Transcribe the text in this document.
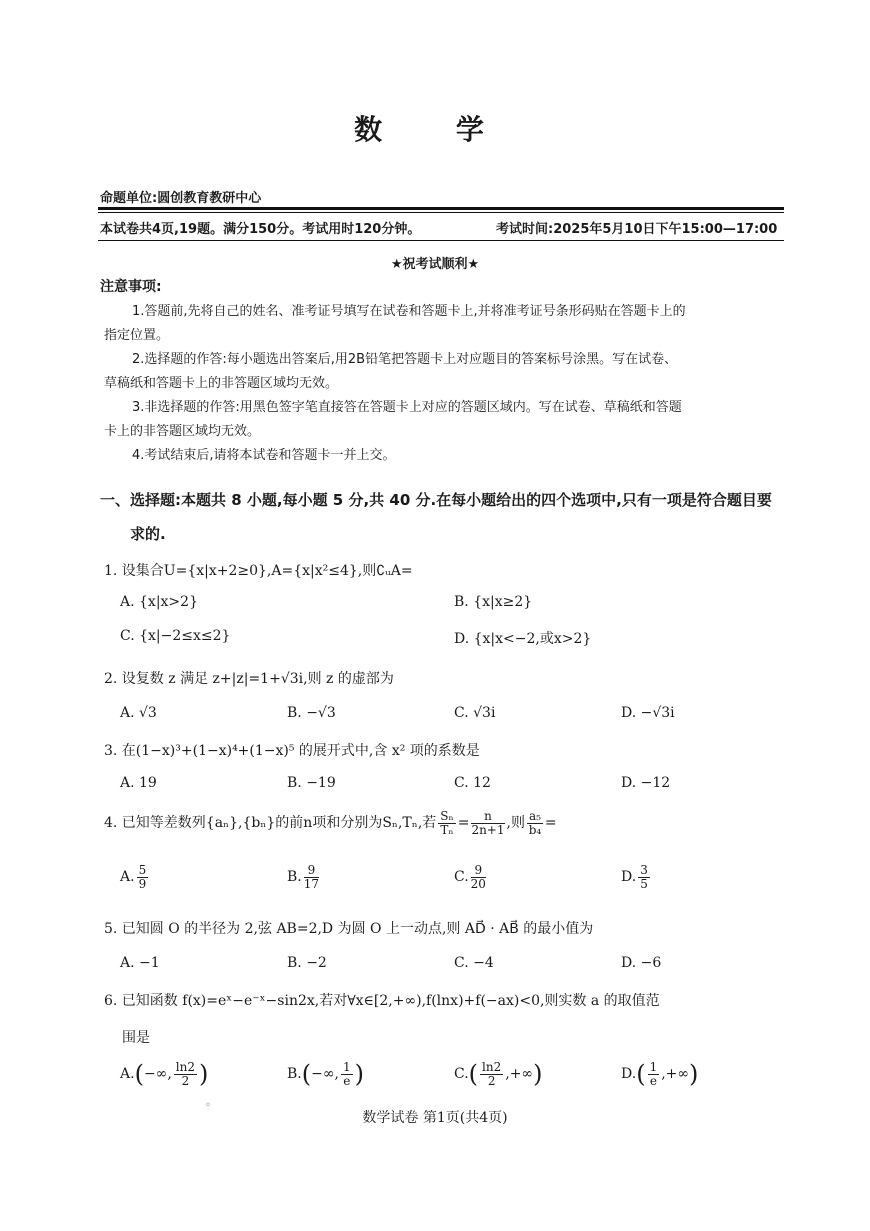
数 学
命题单位:圆创教育教研中心
本试卷共4页,19题。满分150分。考试用时120分钟。	考试时间:2025年5月10日下午15:00—17:00
★祝考试顺利★
注意事项:
1.答题前,先将自己的姓名、准考证号填写在试卷和答题卡上,并将准考证号条形码贴在答题卡上的
指定位置。
2.选择题的作答:每小题选出答案后,用2B铅笔把答题卡上对应题目的答案标号涂黑。写在试卷、
草稿纸和答题卡上的非答题区域均无效。
3.非选择题的作答:用黑色签字笔直接答在答题卡上对应的答题区域内。写在试卷、草稿纸和答题
卡上的非答题区域均无效。
4.考试结束后,请将本试卷和答题卡一并上交。
一、选择题:本题共 8 小题,每小题 5 分,共 40 分.在每小题给出的四个选项中,只有一项是符合题目要
求的.
1. 设集合U={x|x+2≥0},A={x|x²≤4},则∁ᵤA=
A. {x|x>2}	B. {x|x≥2}
C. {x|−2≤x≤2}	D. {x|x<−2,或x>2}
2. 设复数 z 满足 z+|z|=1+√3i,则 z 的虚部为
A. √3	B. −√3	C. √3i	D. −√3i
3. 在(1−x)³+(1−x)⁴+(1−x)⁵ 的展开式中,含 x² 项的系数是
A. 19	B. −19	C. 12	D. −12
4. 已知等差数列{aₙ},{bₙ}的前n项和分别为Sₙ,Tₙ,若 $\frac{\text{Sₙ}}{\text{Tₙ}} = \frac{n}{2n+1}$ ,则 $\frac{\text{a₅}}{\text{b₄}}$ =
A. $\frac{5}{9}$	B. $\frac{9}{17}$	C. $\frac{9}{20}$	D. $\frac{3}{5}$
5. 已知圆 O 的半径为 2,弦 AB=2,D 为圆 O 上一动点,则 AD⃗ · AB⃗ 的最小值为
A. −1	B. −2	C. −4	D. −6
6. 已知函数 f(x)=eˣ−e⁻ˣ−sin2x,若对∀x∈[2,+∞),f(lnx)+f(−ax)<0,则实数 a 的取值范
围是
A.(−∞, $\frac{\ln 2}{2}$ )	B.(−∞, $\frac{1}{e}$ )	$C.( \frac{\ln 2}{2}$ ,+∞)	$D.( \frac{1}{e}$ ,+∞)
◦
数学试卷 第1页(共4页)
